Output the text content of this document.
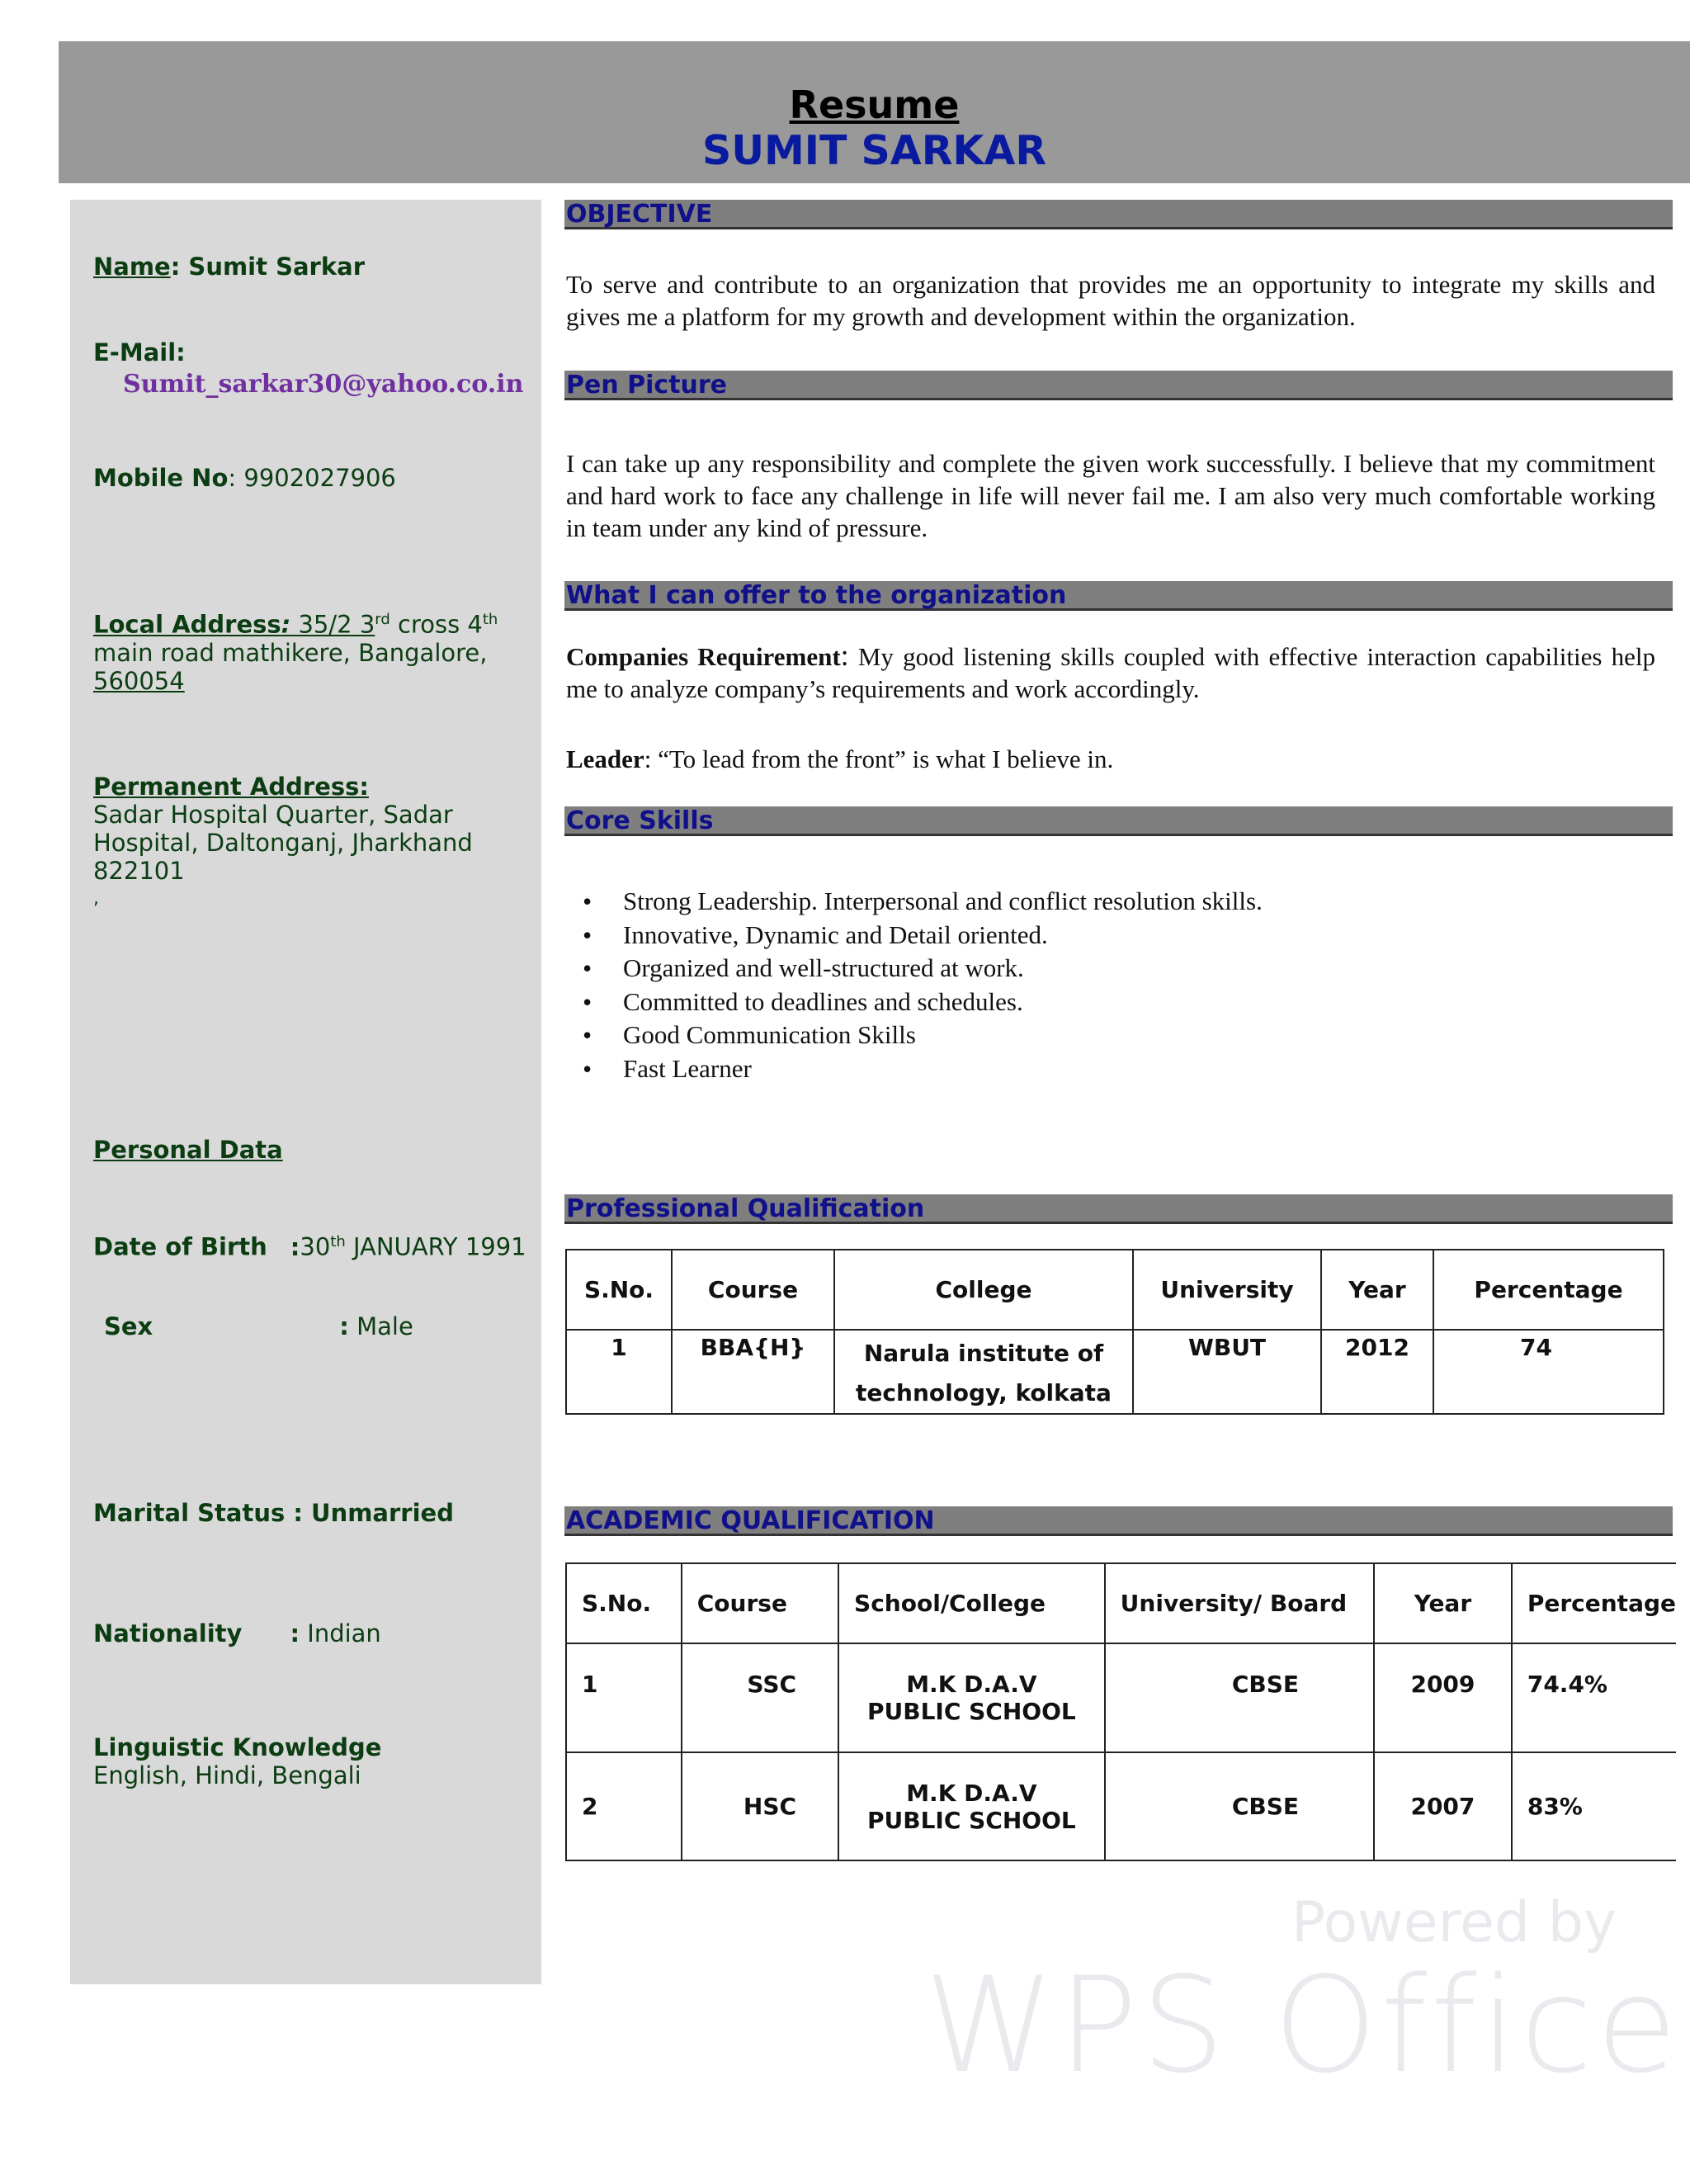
Resume
SUMIT SARKAR
Name: Sumit Sarkar
E-Mail:
Sumit_sarkar30@yahoo.co.in
Mobile No: 9902027906
Local Address: 35/2 3rd cross 4th
main road mathikere, Bangalore,
560054
Permanent Address:
Sadar Hospital Quarter, Sadar
Hospital, Daltonganj, Jharkhand
822101
,
Personal Data
Date of Birth :30th JANUARY 1991
Sex	: Male
Marital Status : Unmarried
Nationality : Indian
Linguistic Knowledge
English, Hindi, Bengali
OBJECTIVE
To serve and contribute to an organization that provides me an opportunity to integrate my skills and gives me a platform for my growth and development within the organization.
Pen Picture
I can take up any responsibility and complete the given work successfully. I believe that my commitment and hard work to face any challenge in life will never fail me. I am also very much comfortable working in team under any kind of pressure.
What I can offer to the organization
Companies Requirement: My good listening skills coupled with effective interaction capabilities help me to analyze company’s requirements and work accordingly.
Leader: “To lead from the front” is what I believe in.
Core Skills
• Strong Leadership. Interpersonal and conflict resolution skills.
• Innovative, Dynamic and Detail oriented.
• Organized and well-structured at work.
• Committed to deadlines and schedules.
• Good Communication Skills
• Fast Learner
Professional Qualification
S.No.	Course	College	University	Year	Percentage
1	BBA{H}	Narula institute of
technology, kolkata	WBUT	2012	74
ACADEMIC QUALIFICATION
S.No.	Course	School/College	University/ Board	Year	Percentage
1	SSC	M.K D.A.V
PUBLIC SCHOOL	CBSE	2009	74.4%
2	HSC	M.K D.A.V
PUBLIC SCHOOL	CBSE	2007	83%
Powered by
WPS Office
